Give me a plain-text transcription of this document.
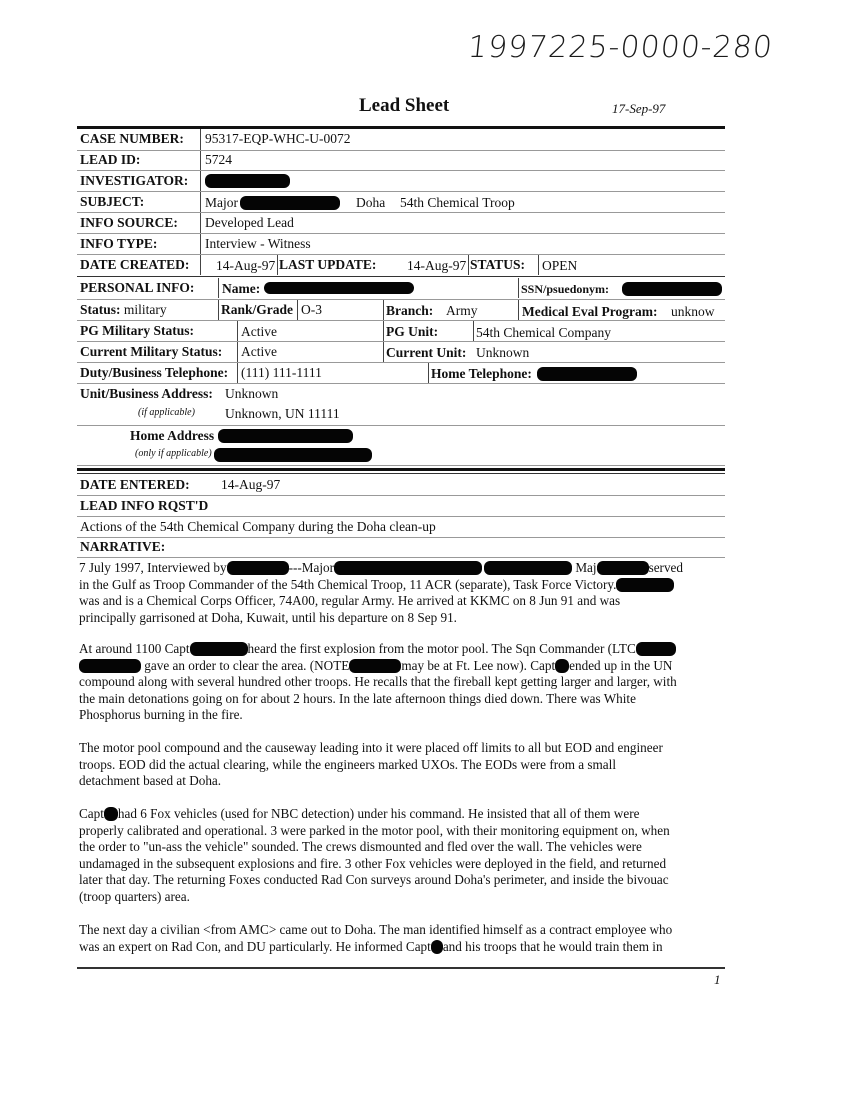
1997225-0000-280
Lead Sheet	17-Sep-97
CASE NUMBER: 95317-EQP-WHC-U-0072
LEAD ID:	5724
INVESTIGATOR:
SUBJECT:	Major	Doha 54th Chemical Troop
INFO SOURCE: Developed Lead
INFO TYPE:	Interview - Witness
DATE CREATED: 14-Aug-97 LAST UPDATE: 14-Aug-97 STATUS: OPEN
PERSONAL INFO: Name:	SSN/psuedonym:
Status: military	Rank/Grade O-3	Branch: Army	Medical Eval Program: unknow
PG Military Status:	Active	PG Unit:	54th Chemical Company
Current Military Status: Active	Current Unit: Unknown
Duty/Business Telephone: (111) 111-1111	Home Telephone:
Unit/Business Address: Unknown
(if applicable) Unknown, UN 11111
Home Address
(only if applicable)
DATE ENTERED: 14-Aug-97
LEAD INFO RQST'D
Actions of the 54th Chemical Company during the Doha clean-up
NARRATIVE:
7 July 1997, Interviewed by	---Major	Maj	served
in the Gulf as Troop Commander of the 54th Chemical Troop, 11 ACR (separate), Task Force Victory.
was and is a Chemical Corps Officer, 74A00, regular Army. He arrived at KKMC on 8 Jun 91 and was
principally garrisoned at Doha, Kuwait, until his departure on 8 Sep 91.
At around 1100 Capt	heard the first explosion from the motor pool. The Sqn Commander (LTC
gave an order to clear the area. (NOTE	may be at Ft. Lee now). Capt ended up in the UN
compound along with several hundred other troops. He recalls that the fireball kept getting larger and larger, with
the main detonations going on for about 2 hours. In the late afternoon things died down. There was White
Phosphorus burning in the fire.
The motor pool compound and the causeway leading into it were placed off limits to all but EOD and engineer
troops. EOD did the actual clearing, while the engineers marked UXOs. The EODs were from a small
detachment based at Doha.
Capt had 6 Fox vehicles (used for NBC detection) under his command. He insisted that all of them were
properly calibrated and operational. 3 were parked in the motor pool, with their monitoring equipment on, when
the order to "un-ass the vehicle" sounded. The crews dismounted and fled over the wall. The vehicles were
undamaged in the subsequent explosions and fire. 3 other Fox vehicles were deployed in the field, and returned
later that day. The returning Foxes conducted Rad Con surveys around Doha's perimeter, and inside the bivouac
(troop quarters) area.
The next day a civilian <from AMC> came out to Doha. The man identified himself as a contract employee who
was an expert on Rad Con, and DU particularly. He informed Capt and his troops that he would train them in
1
